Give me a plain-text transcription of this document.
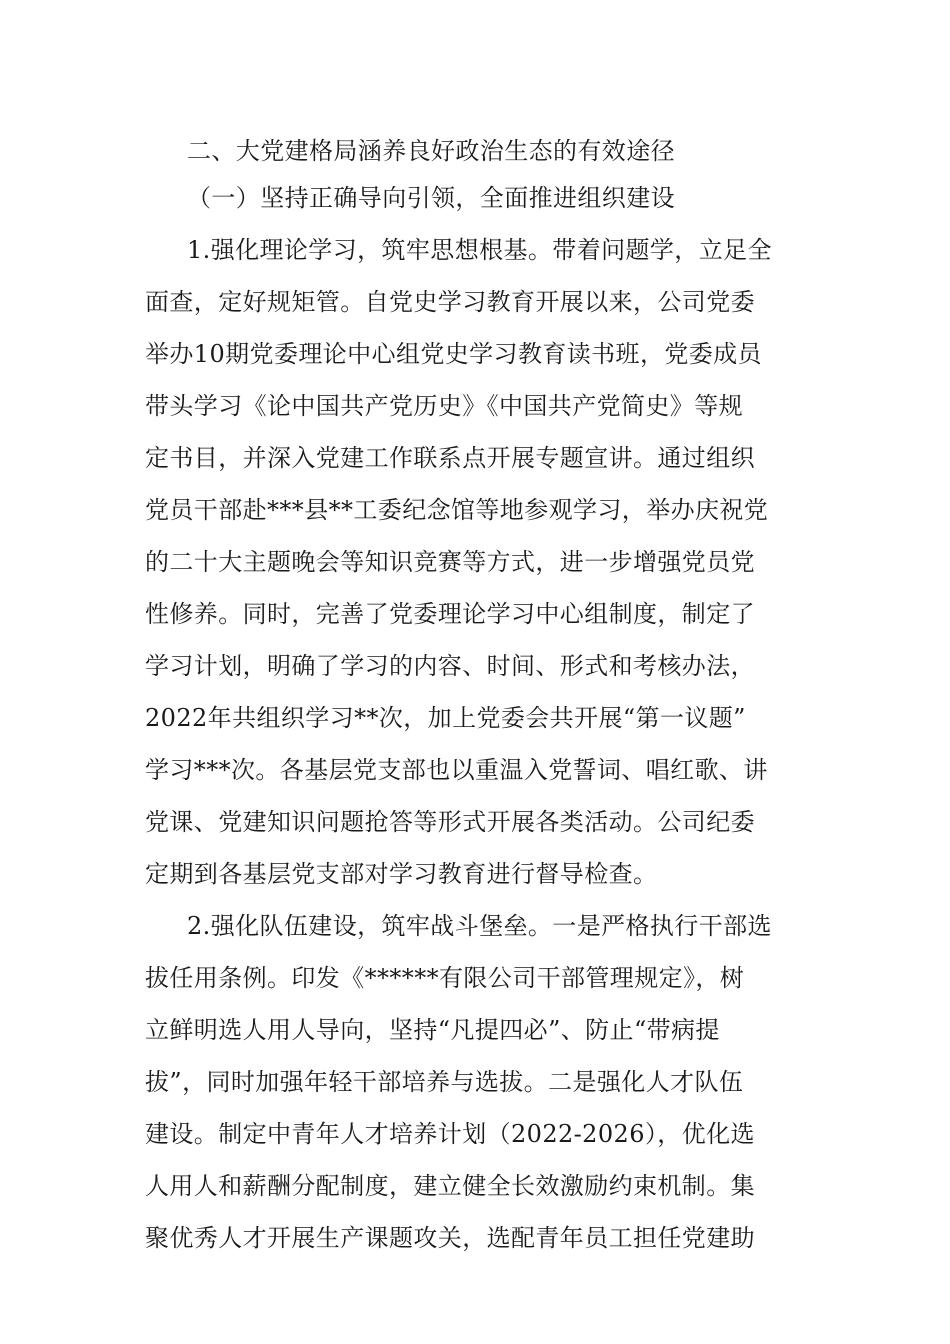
二、大党建格局涵养良好政治生态的有效途径
（一）坚持正确导向引领，全面推进组织建设
1.强化理论学习，筑牢思想根基。带着问题学，立足全
面查，定好规矩管。自党史学习教育开展以来，公司党委
举办10期党委理论中心组党史学习教育读书班，党委成员
带头学习《论中国共产党历史》《中国共产党简史》等规
定书目，并深入党建工作联系点开展专题宣讲。通过组织
党员干部赴***县**工委纪念馆等地参观学习，举办庆祝党
的二十大主题晚会等知识竞赛等方式，进一步增强党员党
性修养。同时，完善了党委理论学习中心组制度，制定了
学习计划，明确了学习的内容、时间、形式和考核办法，
2022年共组织学习**次，加上党委会共开展“第一议题”
学习***次。各基层党支部也以重温入党誓词、唱红歌、讲
党课、党建知识问题抢答等形式开展各类活动。公司纪委
定期到各基层党支部对学习教育进行督导检查。
2.强化队伍建设，筑牢战斗堡垒。一是严格执行干部选
拔任用条例。印发《******有限公司干部管理规定》，树
立鲜明选人用人导向，坚持“凡提四必”、防止“带病提
拔”，同时加强年轻干部培养与选拔。二是强化人才队伍
建设。制定中青年人才培养计划（2022-2026），优化选
人用人和薪酬分配制度，建立健全长效激励约束机制。集
聚优秀人才开展生产课题攻关，选配青年员工担任党建助
